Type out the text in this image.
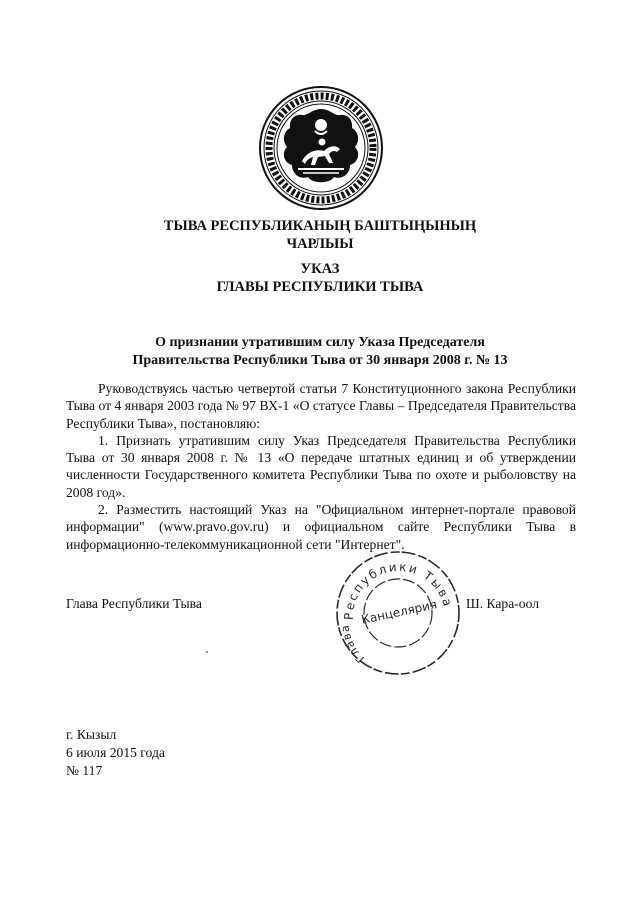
ТЫВА РЕСПУБЛИКАНЫҢ БАШТЫҢЫНЫҢ
ЧАРЛЫЫ
УКАЗ
ГЛАВЫ РЕСПУБЛИКИ ТЫВА
О признании утратившим силу Указа Председателя
Правительства Республики Тыва от 30 января 2008 г. № 13

Руководствуясь частью четвертой статьи 7 Конституционного закона Республики Тыва от 4 января 2003 года № 97 ВХ-1 «О статусе Главы – Председателя Правительства Республики Тыва», постановляю:

1. Признать утратившим силу Указ Председателя Правительства Республики Тыва от 30 января 2008 г. № 13 «О передаче штатных единиц и об утверждении численности Государственного комитета Республики Тыва по охоте и рыболовству на 2008 год».

2. Разместить настоящий Указ на "Официальном интернет-портале правовой информации" (www.pravo.gov.ru) и официальном сайте Республики Тыва в информационно-телекоммуникационной сети "Интернет".

Глава Республики Тыва	Ш. Кара-оол
Республики Тыва
Глава
Канцелярия
г. Кызыл
6 июля 2015 года
№ 117
